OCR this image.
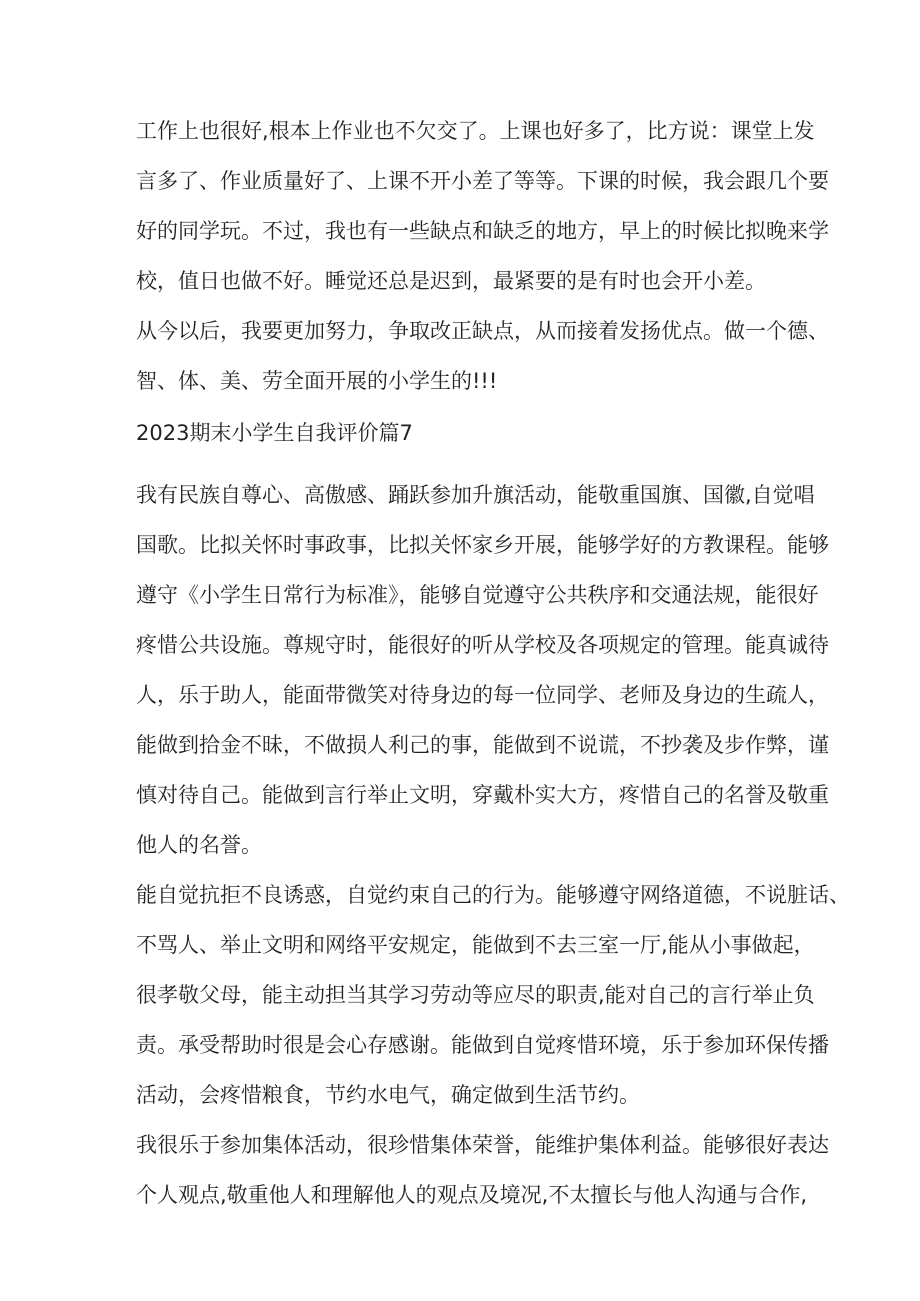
工作上也很好,根本上作业也不欠交了。上课也好多了，比方说：课堂上发
言多了、作业质量好了、上课不开小差了等等。下课的时候，我会跟几个要
好的同学玩。不过，我也有一些缺点和缺乏的地方，早上的时候比拟晚来学
校，值日也做不好。睡觉还总是迟到，最紧要的是有时也会开小差。
从今以后，我要更加努力，争取改正缺点，从而接着发扬优点。做一个德、
智、体、美、劳全面开展的小学生的!!!
2023期末小学生自我评价篇7
我有民族自尊心、高傲感、踊跃参加升旗活动，能敬重国旗、国徽,自觉唱
国歌。比拟关怀时事政事，比拟关怀家乡开展，能够学好的方教课程。能够
遵守《小学生日常行为标准》，能够自觉遵守公共秩序和交通法规，能很好
疼惜公共设施。尊规守时，能很好的听从学校及各项规定的管理。能真诚待
人，乐于助人，能面带微笑对待身边的每一位同学、老师及身边的生疏人，
能做到拾金不昧，不做损人利己的事，能做到不说谎，不抄袭及步作弊，谨
慎对待自己。能做到言行举止文明，穿戴朴实大方，疼惜自己的名誉及敬重
他人的名誉。
能自觉抗拒不良诱惑，自觉约束自己的行为。能够遵守网络道德，不说脏话、
不骂人、举止文明和网络平安规定，能做到不去三室一厅,能从小事做起，
很孝敬父母，能主动担当其学习劳动等应尽的职责,能对自己的言行举止负
责。承受帮助时很是会心存感谢。能做到自觉疼惜环境，乐于参加环保传播
活动，会疼惜粮食，节约水电气，确定做到生活节约。
我很乐于参加集体活动，很珍惜集体荣誉，能维护集体利益。能够很好表达
个人观点,敬重他人和理解他人的观点及境况,不太擅长与他人沟通与合作,
